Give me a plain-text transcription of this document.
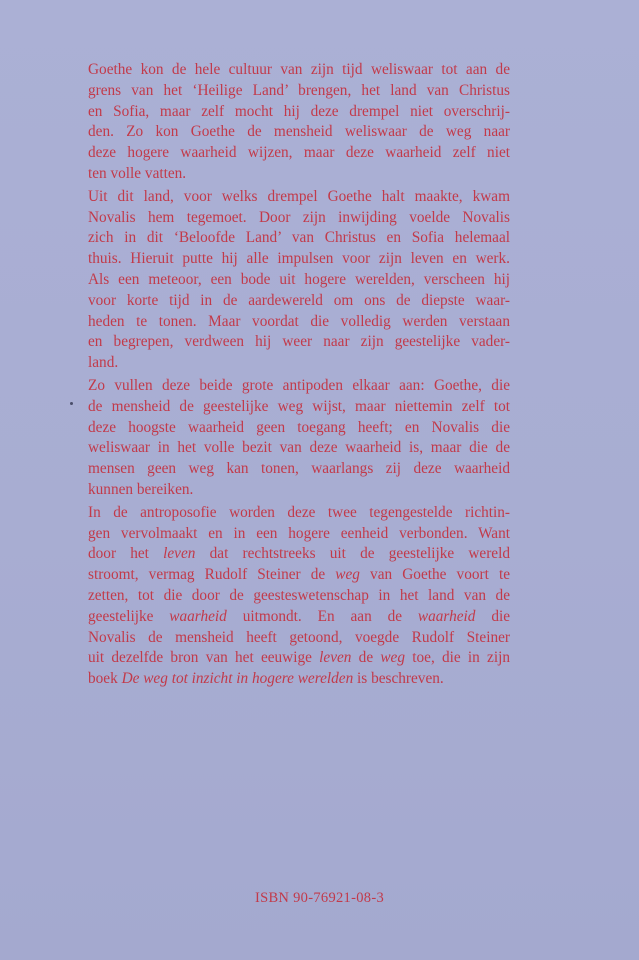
Goethe kon de hele cultuur van zijn tijd weliswaar tot aan de
grens van het ‘Heilige Land’ brengen, het land van Christus
en Sofia, maar zelf mocht hij deze drempel niet overschrij-
den. Zo kon Goethe de mensheid weliswaar de weg naar
deze hogere waarheid wijzen, maar deze waarheid zelf niet
ten volle vatten.
Uit dit land, voor welks drempel Goethe halt maakte, kwam
Novalis hem tegemoet. Door zijn inwijding voelde Novalis
zich in dit ‘Beloofde Land’ van Christus en Sofia helemaal
thuis. Hieruit putte hij alle impulsen voor zijn leven en werk.
Als een meteoor, een bode uit hogere werelden, verscheen hij
voor korte tijd in de aardewereld om ons de diepste waar-
heden te tonen. Maar voordat die volledig werden verstaan
en begrepen, verdween hij weer naar zijn geestelijke vader-
land.
Zo vullen deze beide grote antipoden elkaar aan: Goethe, die
de mensheid de geestelijke weg wijst, maar niettemin zelf tot
deze hoogste waarheid geen toegang heeft; en Novalis die
weliswaar in het volle bezit van deze waarheid is, maar die de
mensen geen weg kan tonen, waarlangs zij deze waarheid
kunnen bereiken.
In de antroposofie worden deze twee tegengestelde richtin-
gen vervolmaakt en in een hogere eenheid verbonden. Want
door het leven dat rechtstreeks uit de geestelijke wereld
stroomt, vermag Rudolf Steiner de weg van Goethe voort te
zetten, tot die door de geesteswetenschap in het land van de
geestelijke waarheid uitmondt. En aan de waarheid die
Novalis de mensheid heeft getoond, voegde Rudolf Steiner
uit dezelfde bron van het eeuwige leven de weg toe, die in zijn
boek De weg tot inzicht in hogere werelden is beschreven.
ISBN 90-76921-08-3
